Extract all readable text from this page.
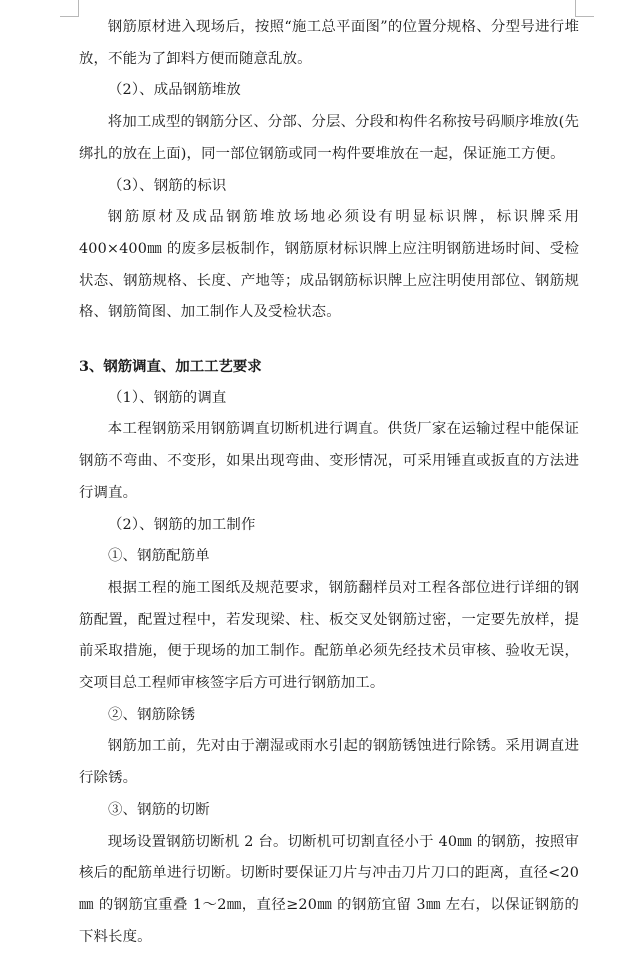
钢筋原材进入现场后，按照“施工总平面图”的位置分规格、分型号进行堆放，不能为了卸料方便而随意乱放。

（2）、成品钢筋堆放

将加工成型的钢筋分区、分部、分层、分段和构件名称按号码顺序堆放(先绑扎的放在上面)，同一部位钢筋或同一构件要堆放在一起，保证施工方便。

（3）、钢筋的标识

钢筋原材及成品钢筋堆放场地必须设有明显标识牌，标识牌采用 400×400㎜ 的废多层板制作，钢筋原材标识牌上应注明钢筋进场时间、受检状态、钢筋规格、长度、产地等；成品钢筋标识牌上应注明使用部位、钢筋规格、钢筋简图、加工制作人及受检状态。

3、钢筋调直、加工工艺要求

（1）、钢筋的调直

本工程钢筋采用钢筋调直切断机进行调直。供货厂家在运输过程中能保证钢筋不弯曲、不变形，如果出现弯曲、变形情况，可采用锤直或扳直的方法进行调直。

（2）、钢筋的加工制作

①、钢筋配筋单

根据工程的施工图纸及规范要求，钢筋翻样员对工程各部位进行详细的钢筋配置，配置过程中，若发现梁、柱、板交叉处钢筋过密，一定要先放样，提前采取措施，便于现场的加工制作。配筋单必须先经技术员审核、验收无误，交项目总工程师审核签字后方可进行钢筋加工。

②、钢筋除锈

钢筋加工前，先对由于潮湿或雨水引起的钢筋锈蚀进行除锈。采用调直进行除锈。

③、钢筋的切断

现场设置钢筋切断机 2 台。切断机可切割直径小于 40㎜ 的钢筋，按照审核后的配筋单进行切断。切断时要保证刀片与冲击刀片刀口的距离，直径<20㎜ 的钢筋宜重叠 1～2㎜，直径≥20㎜ 的钢筋宜留 3㎜ 左右，以保证钢筋的下料长度。
